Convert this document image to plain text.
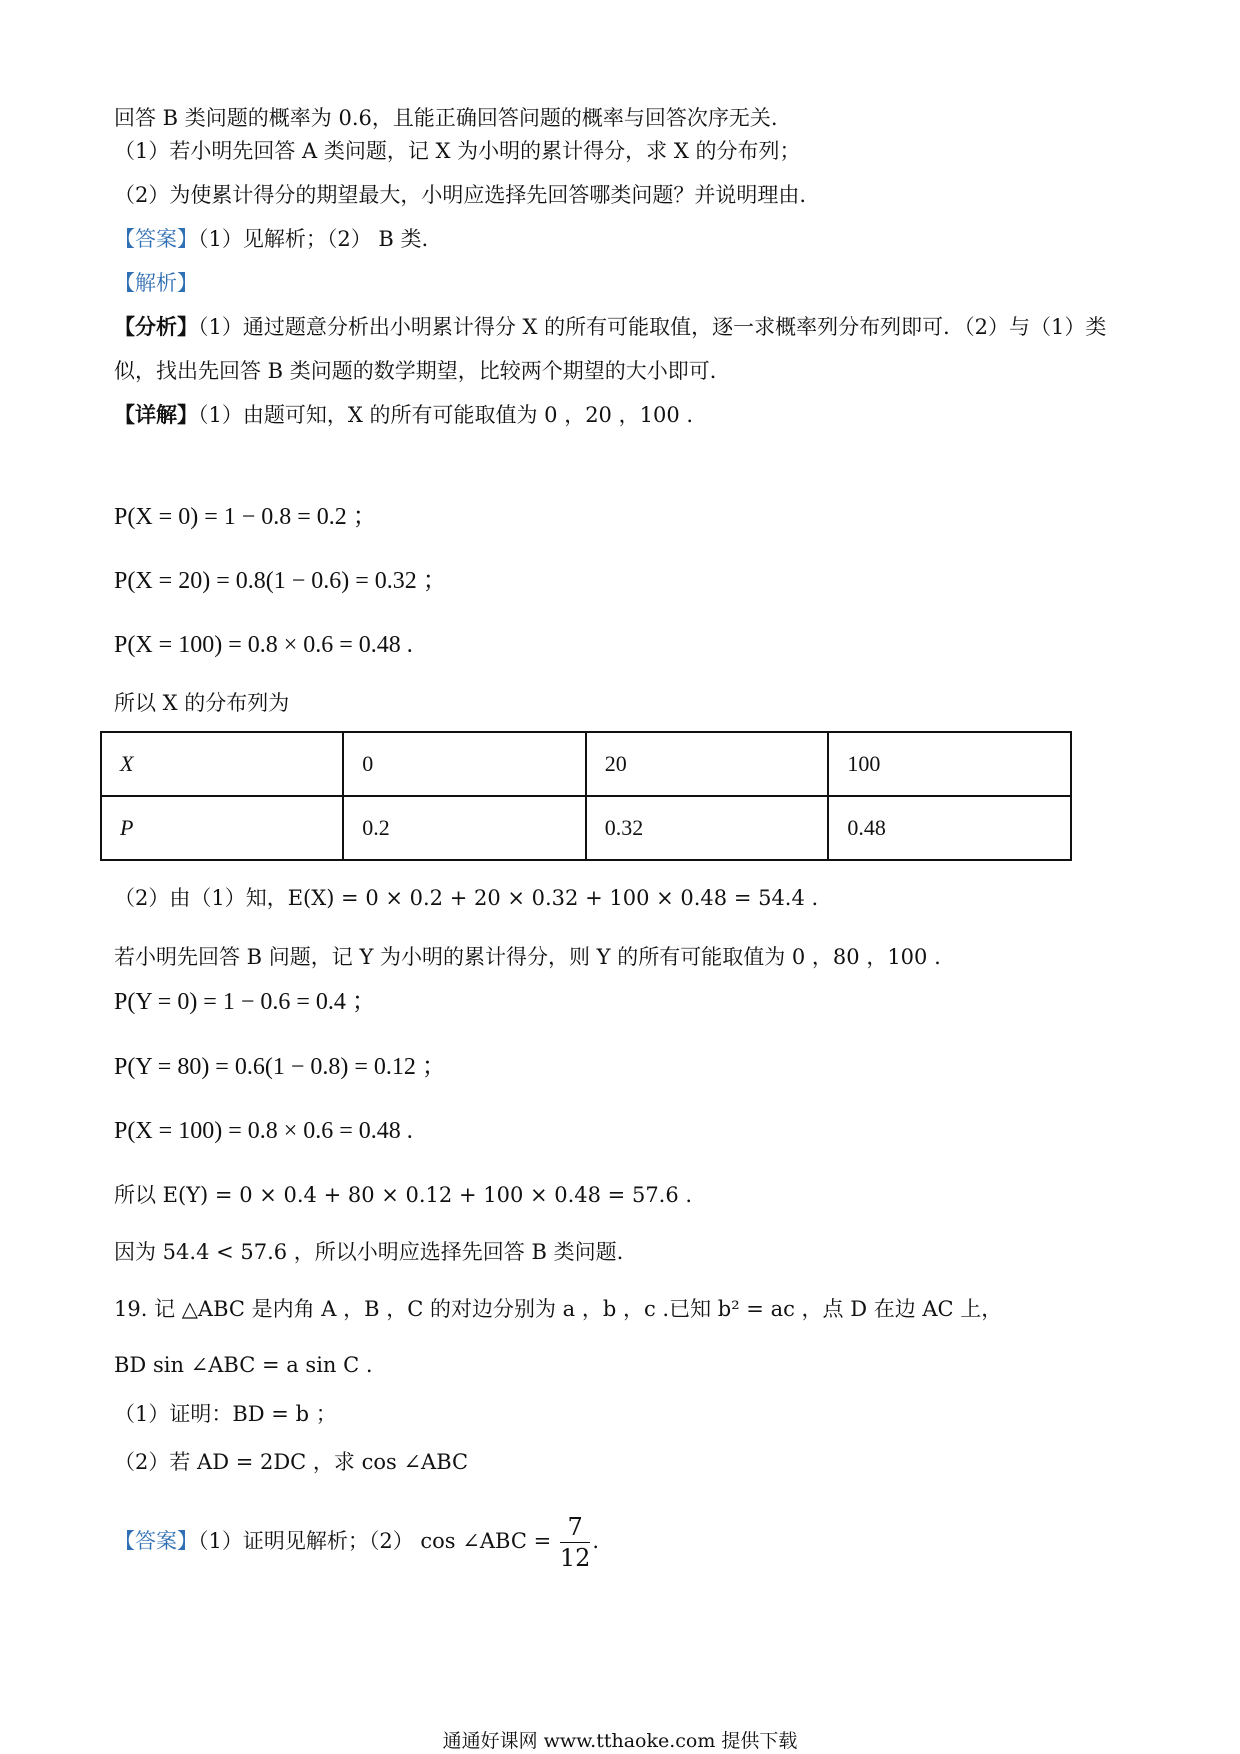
回答 B 类问题的概率为 0.6，且能正确回答问题的概率与回答次序无关.
（1）若小明先回答 A 类问题，记 X 为小明的累计得分，求 X 的分布列；
（2）为使累计得分的期望最大，小明应选择先回答哪类问题？并说明理由.
【答案】（1）见解析；（2） B 类.
【解析】
【分析】（1）通过题意分析出小明累计得分 X 的所有可能取值，逐一求概率列分布列即可．（2）与（1）类
似，找出先回答 B 类问题的数学期望，比较两个期望的大小即可．
【详解】（1）由题可知，X 的所有可能取值为 0 ，20 ，100 .
P(X = 0) = 1 − 0.8 = 0.2 ；
P(X = 20) = 0.8(1 − 0.6) = 0.32 ；
P(X = 100) = 0.8 × 0.6 = 0.48 .
所以 X 的分布列为
X	0	20	100
P	0.2	0.32	0.48
（2）由（1）知，E(X) = 0 × 0.2 + 20 × 0.32 + 100 × 0.48 = 54.4 .
若小明先回答 B 问题，记 Y 为小明的累计得分，则 Y 的所有可能取值为 0 ，80 ，100 .
P(Y = 0) = 1 − 0.6 = 0.4 ；
P(Y = 80) = 0.6(1 − 0.8) = 0.12 ；
P(X = 100) = 0.8 × 0.6 = 0.48 .
所以 E(Y) = 0 × 0.4 + 80 × 0.12 + 100 × 0.48 = 57.6 .
因为 54.4 < 57.6 ，所以小明应选择先回答 B 类问题.
19. 记 △ABC 是内角 A ，B ，C 的对边分别为 a ，b ，c .已知 b² = ac ，点 D 在边 AC 上，
BD sin ∠ABC = a sin C .
（1）证明：BD = b ；
（2）若 AD = 2DC ，求 cos ∠ABC
【答案】（1）证明见解析；（2） cos ∠ABC = $\frac{7}{12}$ .
通通好课网 www.tthaoke.com 提供下载
